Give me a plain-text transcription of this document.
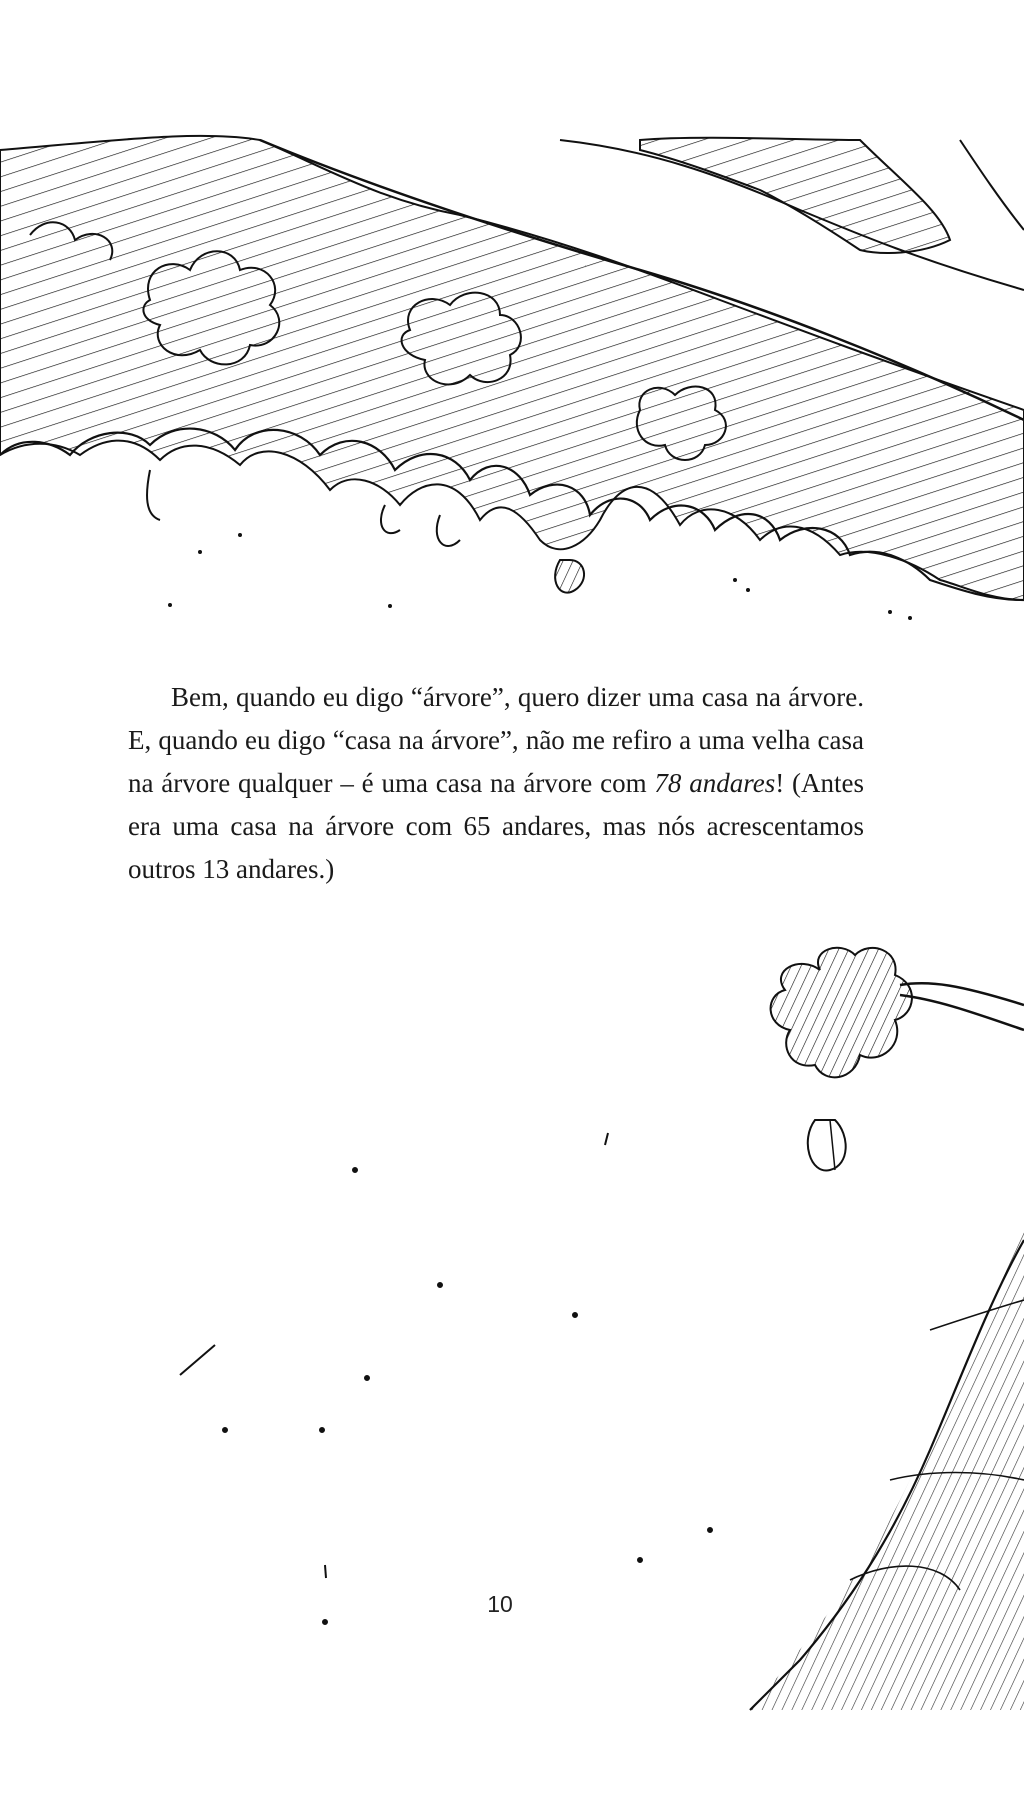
Bem, quando eu digo “árvore”, quero dizer uma casa na árvore. E, quando eu digo “casa na árvore”, não me refiro a uma velha casa na árvore qualquer – é uma casa na árvore com 78 andares! (Antes era uma casa na árvore com 65 andares, mas nós acrescentamos outros 13 andares.)

10
